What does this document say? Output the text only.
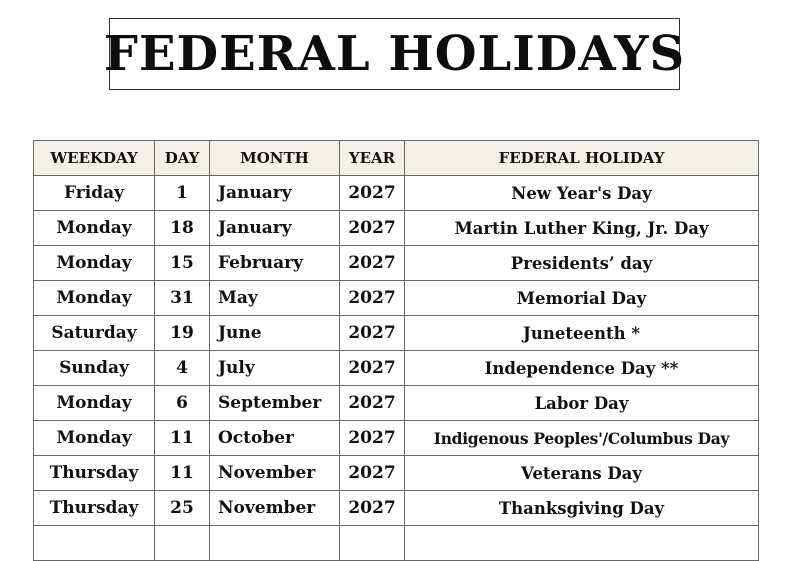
FEDERAL HOLIDAYS
WEEKDAY	DAY	MONTH	YEAR	FEDERAL HOLIDAY
Friday	1	January	2027	New Year's Day
Monday	18	January	2027	Martin Luther King, Jr. Day
Monday	15	February	2027	Presidents’ day
Monday	31	May	2027	Memorial Day
Saturday	19	June	2027	Juneteenth *
Sunday	4	July	2027	Independence Day **
Monday	6	September	2027	Labor Day
Monday	11	October	2027	Indigenous Peoples'/Columbus Day
Thursday	11	November	2027	Veterans Day
Thursday	25	November	2027	Thanksgiving Day
